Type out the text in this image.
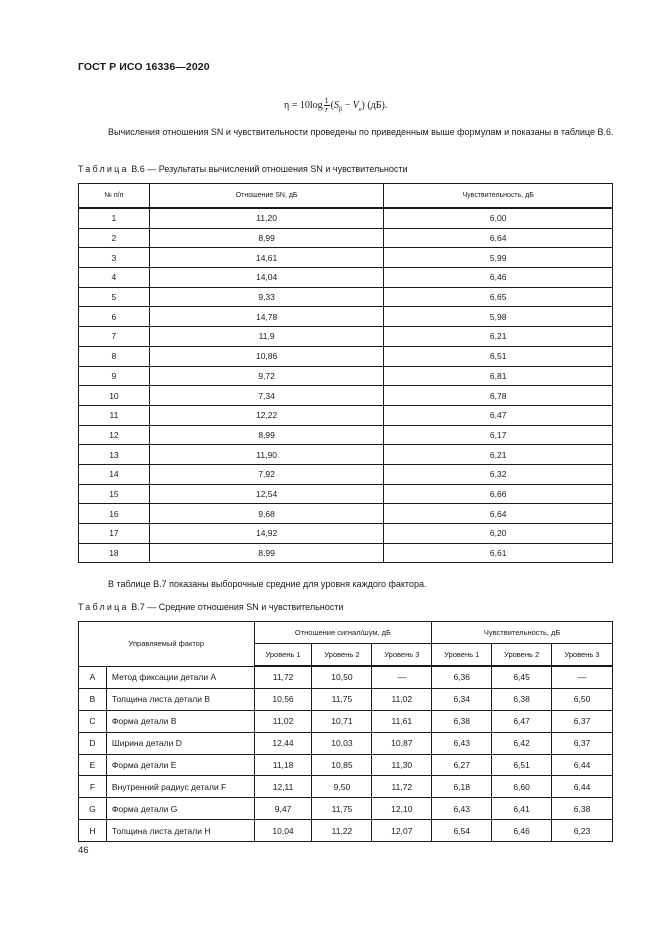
ГОСТ Р ИСО 16336—2020
$\eta = 10\log \frac{1}{r} (S_\beta - V_e)$ (дБ).
Вычисления отношения SN и чувствительности проведены по приведенным выше формулам и показаны в таблице В.6.
Таблица В.6 — Результаты вычислений отношения SN и чувствительности
№ п/п	Отношение SN, дБ	Чувствительность, дБ
1	11,20	6,00
2	8,99	6,64
3	14,61	5,99
4	14,04	6,46
5	9,33	6,65
6	14,78	5,98
7	11,9	6,21
8	10,86	6,51
9	9,72	6,81
10	7,34	6,78
11	12,22	6,47
12	8,99	6,17
13	11,90	6,21
14	7,92	6,32
15	12,54	6,66
16	9,68	6,64
17	14,92	6,20
18	8,99	6,61
В таблице В.7 показаны выборочные средние для уровня каждого фактора.
Таблица В.7 — Средние отношения SN и чувствительности
Управляемый фактор		Отношение сигнал/шум, дБ			Чувствительность, дБ		
		Уровень 1	Уровень 2	Уровень 3	Уровень 1	Уровень 2	Уровень 3
A	Метод фиксации детали A	11,72	10,50	—	6,36	6,45	—
B	Толщина листа детали B	10,56	11,75	11,02	6,34	6,38	6,50
C	Форма детали B	11,02	10,71	11,61	6,38	6,47	6,37
D	Ширина детали D	12,44	10,03	10,87	6,43	6,42	6,37
E	Форма детали E	11,18	10,85	11,30	6,27	6,51	6,44
F	Внутренний радиус детали F	12,11	9,50	11,72	6,18	6,60	6,44
G	Форма детали G	9,47	11,75	12,10	6,43	6,41	6,38
H	Толщина листа детали H	10,04	11,22	12,07	6,54	6,46	6,23
46
